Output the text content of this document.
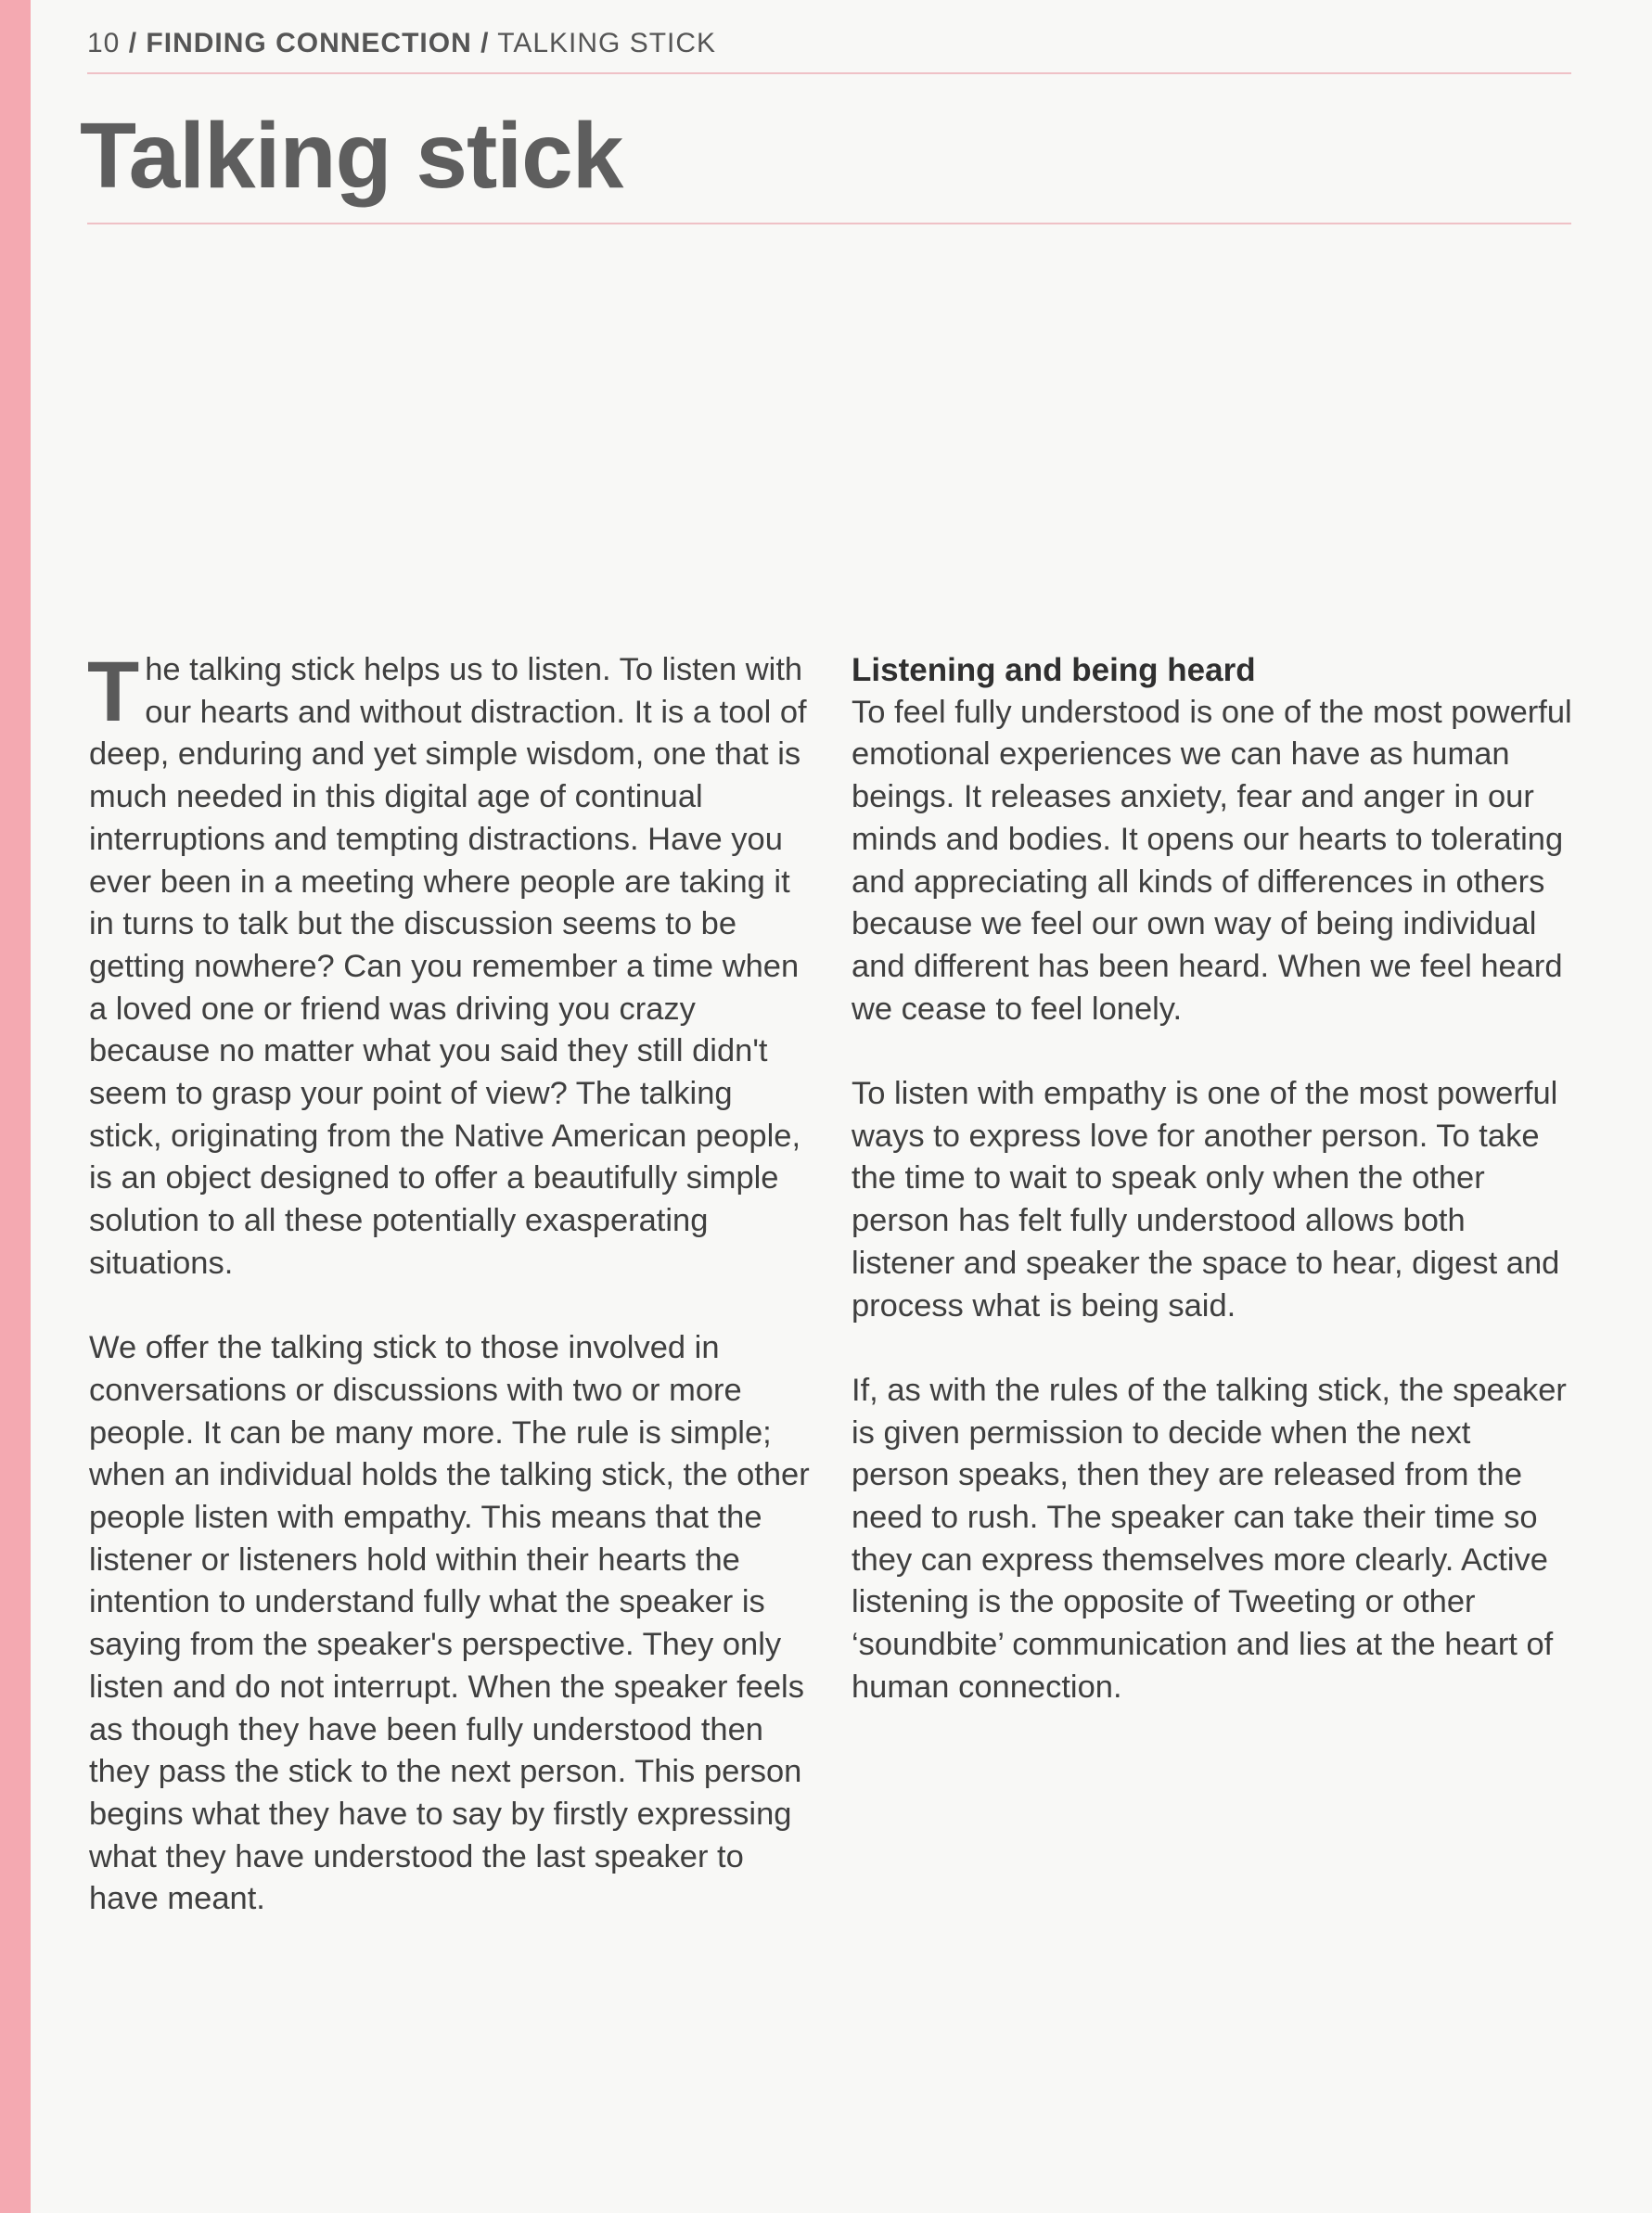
10 / FINDING CONNECTION / TALKING STICK
Talking stick

The talking stick helps us to listen. To listen with our hearts and without distraction. It is a tool of deep, enduring and yet simple wisdom, one that is much needed in this digital age of continual interruptions and tempting distractions. Have you ever been in a meeting where people are taking it in turns to talk but the discussion seems to be getting nowhere? Can you remember a time when a loved one or friend was driving you crazy because no matter what you said they still didn't seem to grasp your point of view? The talking stick, originating from the Native American people, is an object designed to offer a beautifully simple solution to all these potentially exasperating situations.

We offer the talking stick to those involved in conversations or discussions with two or more people. It can be many more. The rule is simple; when an individual holds the talking stick, the other people listen with empathy. This means that the listener or listeners hold within their hearts the intention to understand fully what the speaker is saying from the speaker's perspective. They only listen and do not interrupt. When the speaker feels as though they have been fully understood then they pass the stick to the next person. This person begins what they have to say by firstly expressing what they have understood the last speaker to have meant.

Listening and being heard

To feel fully understood is one of the most powerful emotional experiences we can have as human beings. It releases anxiety, fear and anger in our minds and bodies. It opens our hearts to tolerating and appreciating all kinds of differences in others because we feel our own way of being individual and different has been heard. When we feel heard we cease to feel lonely.

To listen with empathy is one of the most powerful ways to express love for another person. To take the time to wait to speak only when the other person has felt fully understood allows both listener and speaker the space to hear, digest and process what is being said.

If, as with the rules of the talking stick, the speaker is given permission to decide when the next person speaks, then they are released from the need to rush. The speaker can take their time so they can express themselves more clearly. Active listening is the opposite of Tweeting or other ‘soundbite’ communication and lies at the heart of human connection.
